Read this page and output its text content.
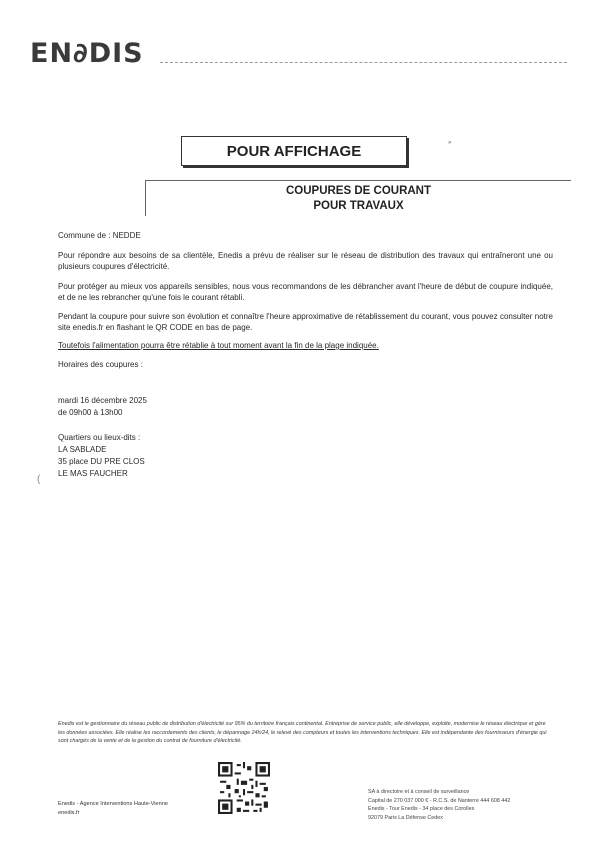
EN∂DIS
POUR AFFICHAGE	»
COUPURES DE COURANT
POUR TRAVAUX
Commune de : NEDDE
Pour répondre aux besoins de sa clientèle, Enedis a prévu de réaliser sur le réseau de distribution des travaux qui entraîneront une ou plusieurs coupures d'électricité.
Pour protéger au mieux vos appareils sensibles, nous vous recommandons de les débrancher avant l'heure de début de coupure indiquée, et de ne les rebrancher qu'une fois le courant rétabli.
Pendant la coupure pour suivre son évolution et connaître l'heure approximative de rétablissement du courant, vous pouvez consulter notre site enedis.fr en flashant le QR CODE en bas de page.
Toutefois l'alimentation pourra être rétablie à tout moment avant la fin de la plage indiquée.
Horaires des coupures :
mardi 16 décembre 2025
de 09h00 à 13h00
Quartiers ou lieux-dits :
LA SABLADE
35 place DU PRE CLOS
LE MAS FAUCHER
(
Enedis est le gestionnaire du réseau public de distribution d'électricité sur 95% du territoire français continental. Entreprise de service public, elle développe, exploite, modernise le réseau électrique et gère les données associées. Elle réalise les raccordements des clients, le dépannage 24h/24, le relevé des compteurs et toutes les interventions techniques. Elle est indépendante des fournisseurs d'énergie qui sont chargés de la vente et de la gestion du contrat de fourniture d'électricité.
Enedis - Agence Interventions Haute-Vienne
enedis.fr
SA à directoire et à conseil de surveillance
Capital de 270 037 000 € - R.C.S. de Nanterre 444 608 442
Enedis - Tour Enedis - 34 place des Corolles
92079 Paris La Défense Cedex
